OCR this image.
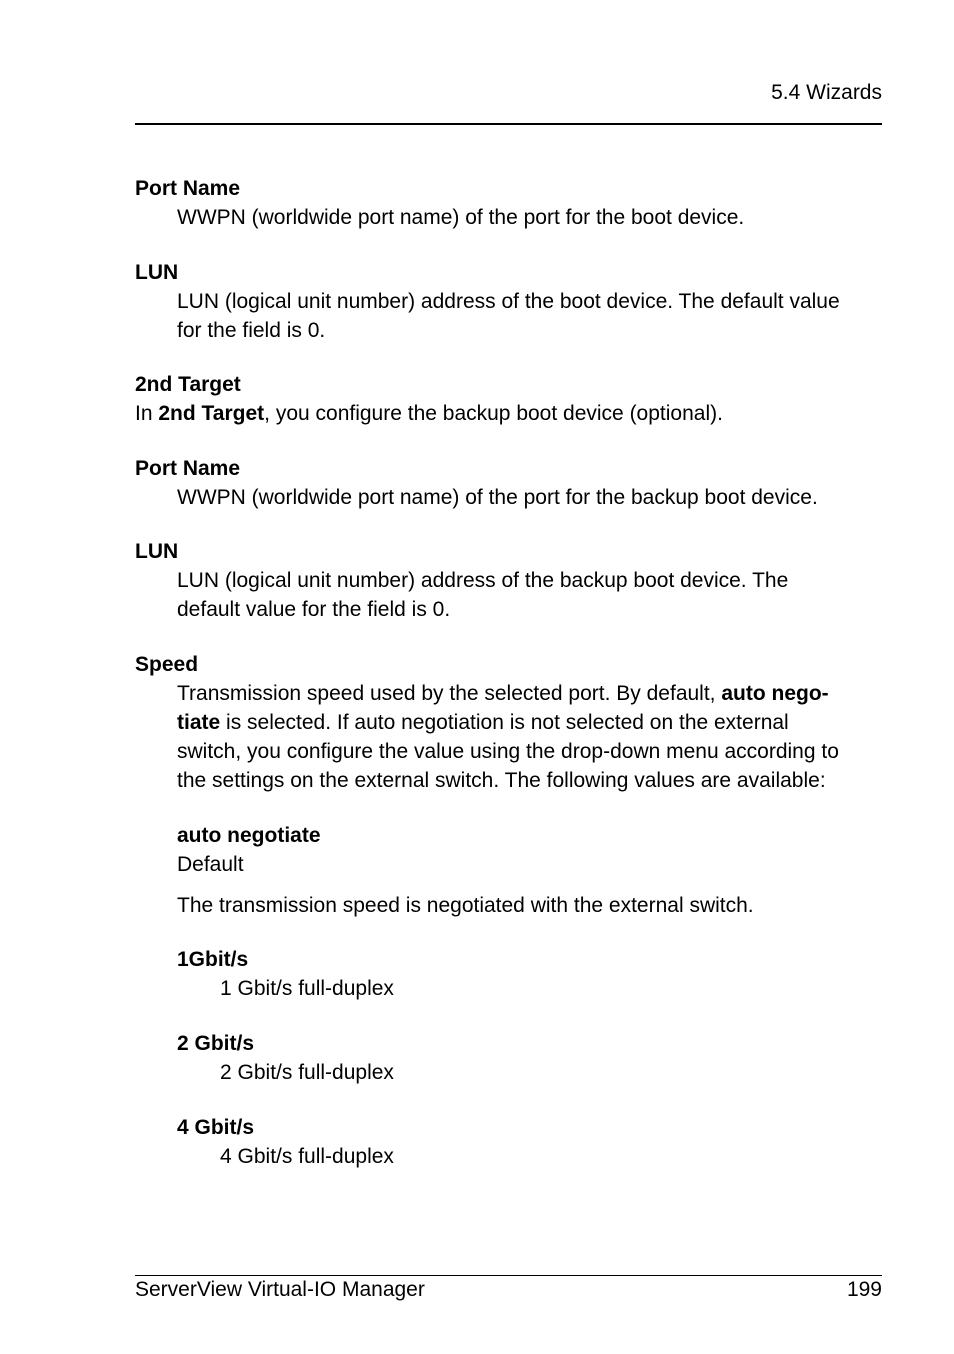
5.4 Wizards
Port Name
WWPN (worldwide port name) of the port for the boot device.
LUN
LUN (logical unit number) address of the boot device. The default value
for the field is 0.
2nd Target
In 2nd Target, you configure the backup boot device (optional).
Port Name
WWPN (worldwide port name) of the port for the backup boot device.
LUN
LUN (logical unit number) address of the backup boot device. The
default value for the field is 0.
Speed
Transmission speed used by the selected port. By default, auto nego-
tiate is selected. If auto negotiation is not selected on the external
switch, you configure the value using the drop-down menu according to
the settings on the external switch. The following values are available:
auto negotiate
Default
The transmission speed is negotiated with the external switch.
1Gbit/s
1 Gbit/s full-duplex
2 Gbit/s
2 Gbit/s full-duplex
4 Gbit/s
4 Gbit/s full-duplex
ServerView Virtual-IO Manager	199
